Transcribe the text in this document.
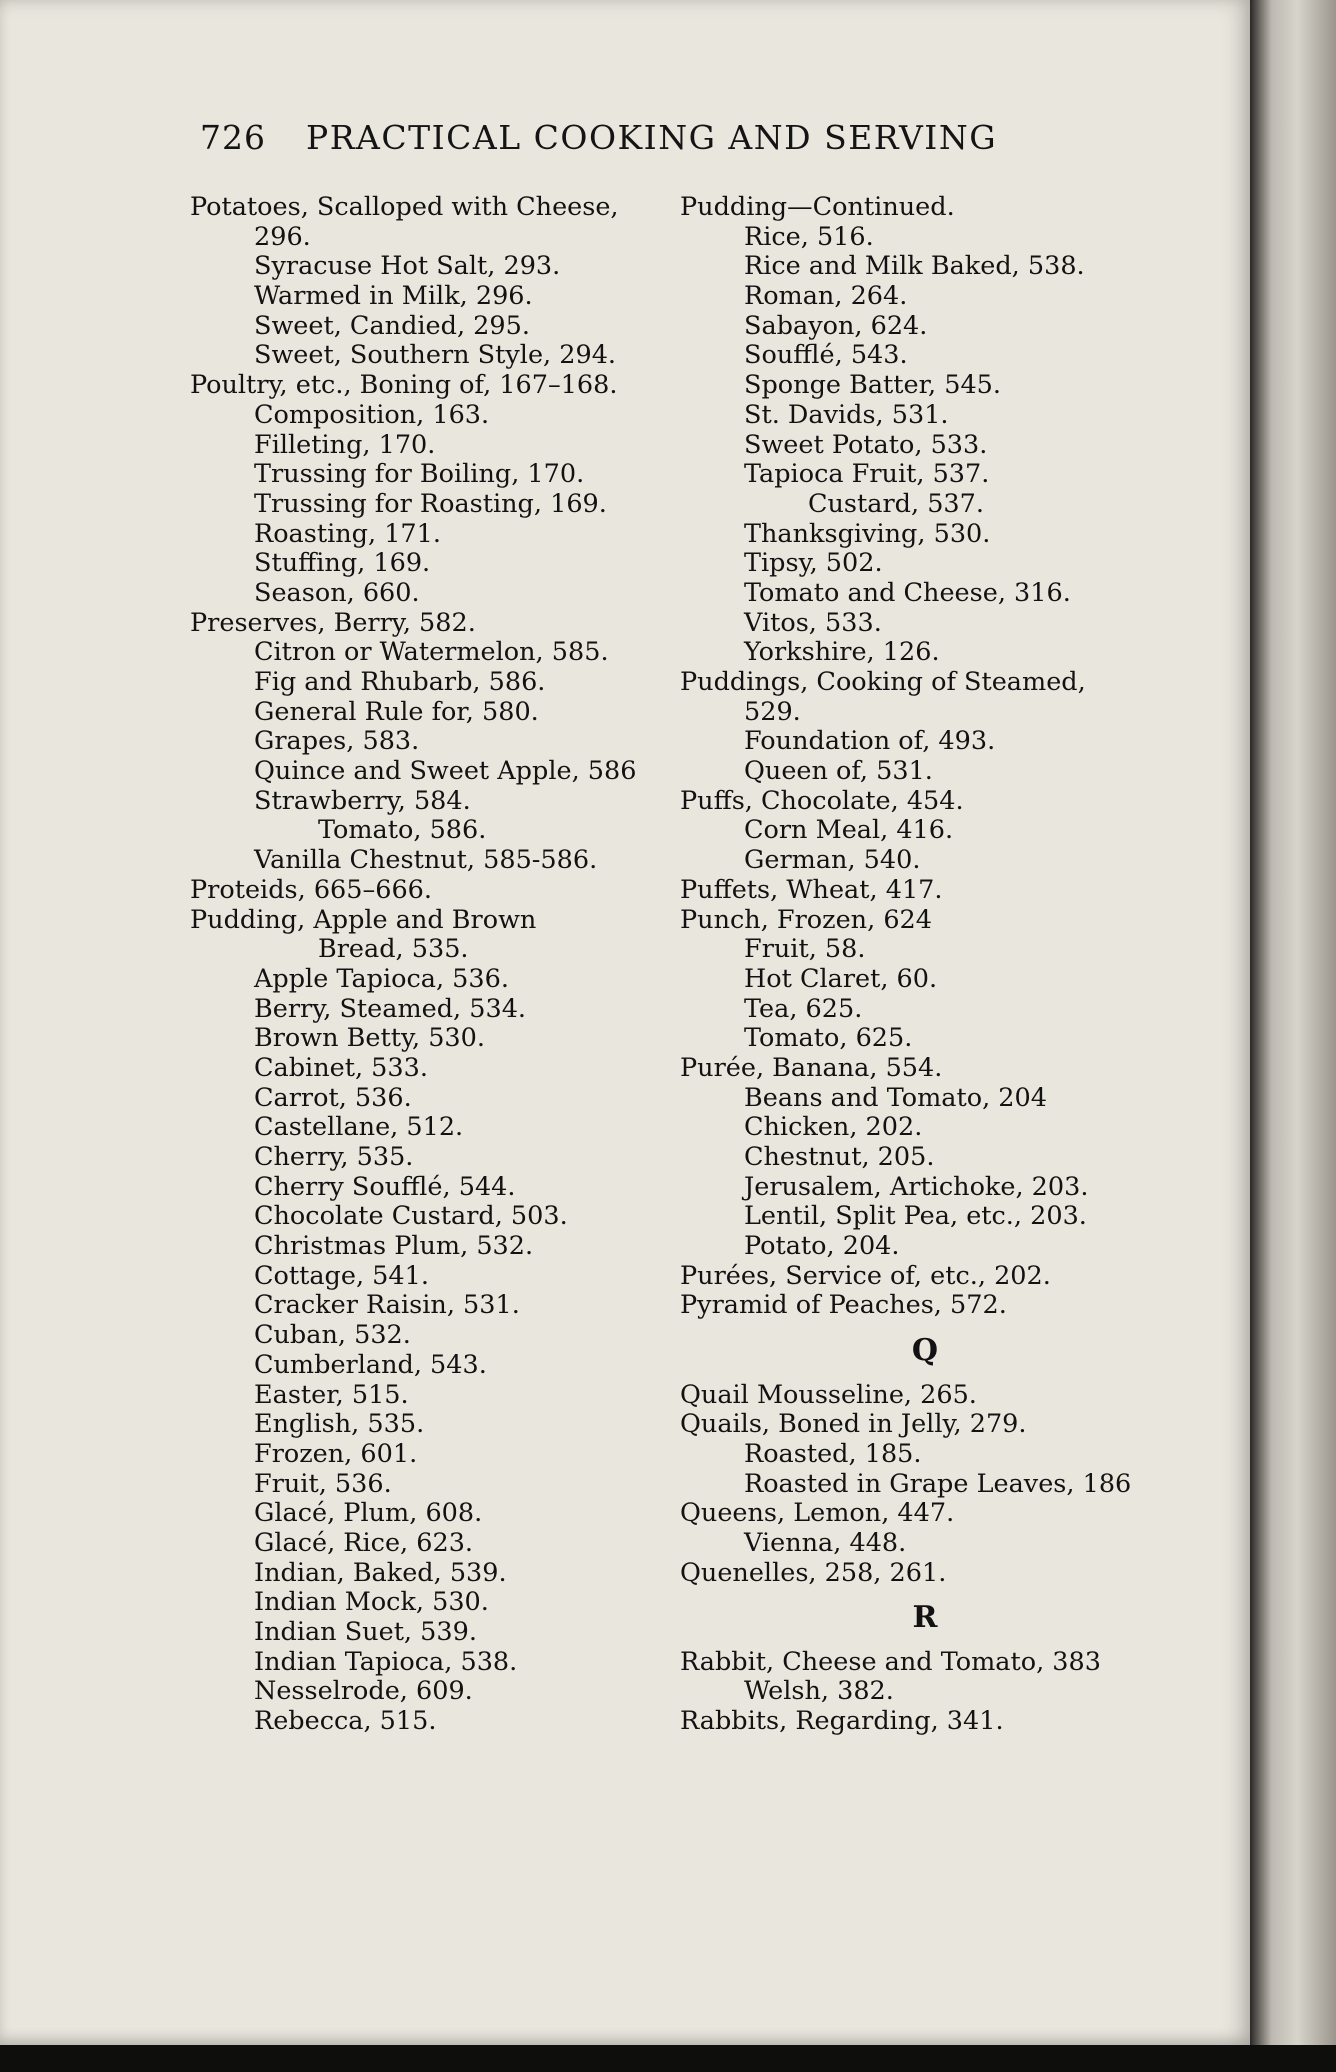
726 PRACTICAL COOKING AND SERVING
Potatoes, Scalloped with Cheese,
296.
Syracuse Hot Salt, 293.
Warmed in Milk, 296.
Sweet, Candied, 295.
Sweet, Southern Style, 294.
Poultry, etc., Boning of, 167–168.
Composition, 163.
Filleting, 170.
Trussing for Boiling, 170.
Trussing for Roasting, 169.
Roasting, 171.
Stuffing, 169.
Season, 660.
Preserves, Berry, 582.
Citron or Watermelon, 585.
Fig and Rhubarb, 586.
General Rule for, 580.
Grapes, 583.
Quince and Sweet Apple, 586
Strawberry, 584.
Tomato, 586.
Vanilla Chestnut, 585-586.
Proteids, 665–666.
Pudding, Apple and Brown
Bread, 535.
Apple Tapioca, 536.
Berry, Steamed, 534.
Brown Betty, 530.
Cabinet, 533.
Carrot, 536.
Castellane, 512.
Cherry, 535.
Cherry Soufflé, 544.
Chocolate Custard, 503.
Christmas Plum, 532.
Cottage, 541.
Cracker Raisin, 531.
Cuban, 532.
Cumberland, 543.
Easter, 515.
English, 535.
Frozen, 601.
Fruit, 536.
Glacé, Plum, 608.
Glacé, Rice, 623.
Indian, Baked, 539.
Indian Mock, 530.
Indian Suet, 539.
Indian Tapioca, 538.
Nesselrode, 609.
Rebecca, 515.
Pudding—Continued.
Rice, 516.
Rice and Milk Baked, 538.
Roman, 264.
Sabayon, 624.
Soufflé, 543.
Sponge Batter, 545.
St. Davids, 531.
Sweet Potato, 533.
Tapioca Fruit, 537.
Custard, 537.
Thanksgiving, 530.
Tipsy, 502.
Tomato and Cheese, 316.
Vitos, 533.
Yorkshire, 126.
Puddings, Cooking of Steamed,
529.
Foundation of, 493.
Queen of, 531.
Puffs, Chocolate, 454.
Corn Meal, 416.
German, 540.
Puffets, Wheat, 417.
Punch, Frozen, 624
Fruit, 58.
Hot Claret, 60.
Tea, 625.
Tomato, 625.
Purée, Banana, 554.
Beans and Tomato, 204
Chicken, 202.
Chestnut, 205.
Jerusalem, Artichoke, 203.
Lentil, Split Pea, etc., 203.
Potato, 204.
Purées, Service of, etc., 202.
Pyramid of Peaches, 572.
Q
Quail Mousseline, 265.
Quails, Boned in Jelly, 279.
Roasted, 185.
Roasted in Grape Leaves, 186
Queens, Lemon, 447.
Vienna, 448.
Quenelles, 258, 261.
R
Rabbit, Cheese and Tomato, 383
Welsh, 382.
Rabbits, Regarding, 341.
